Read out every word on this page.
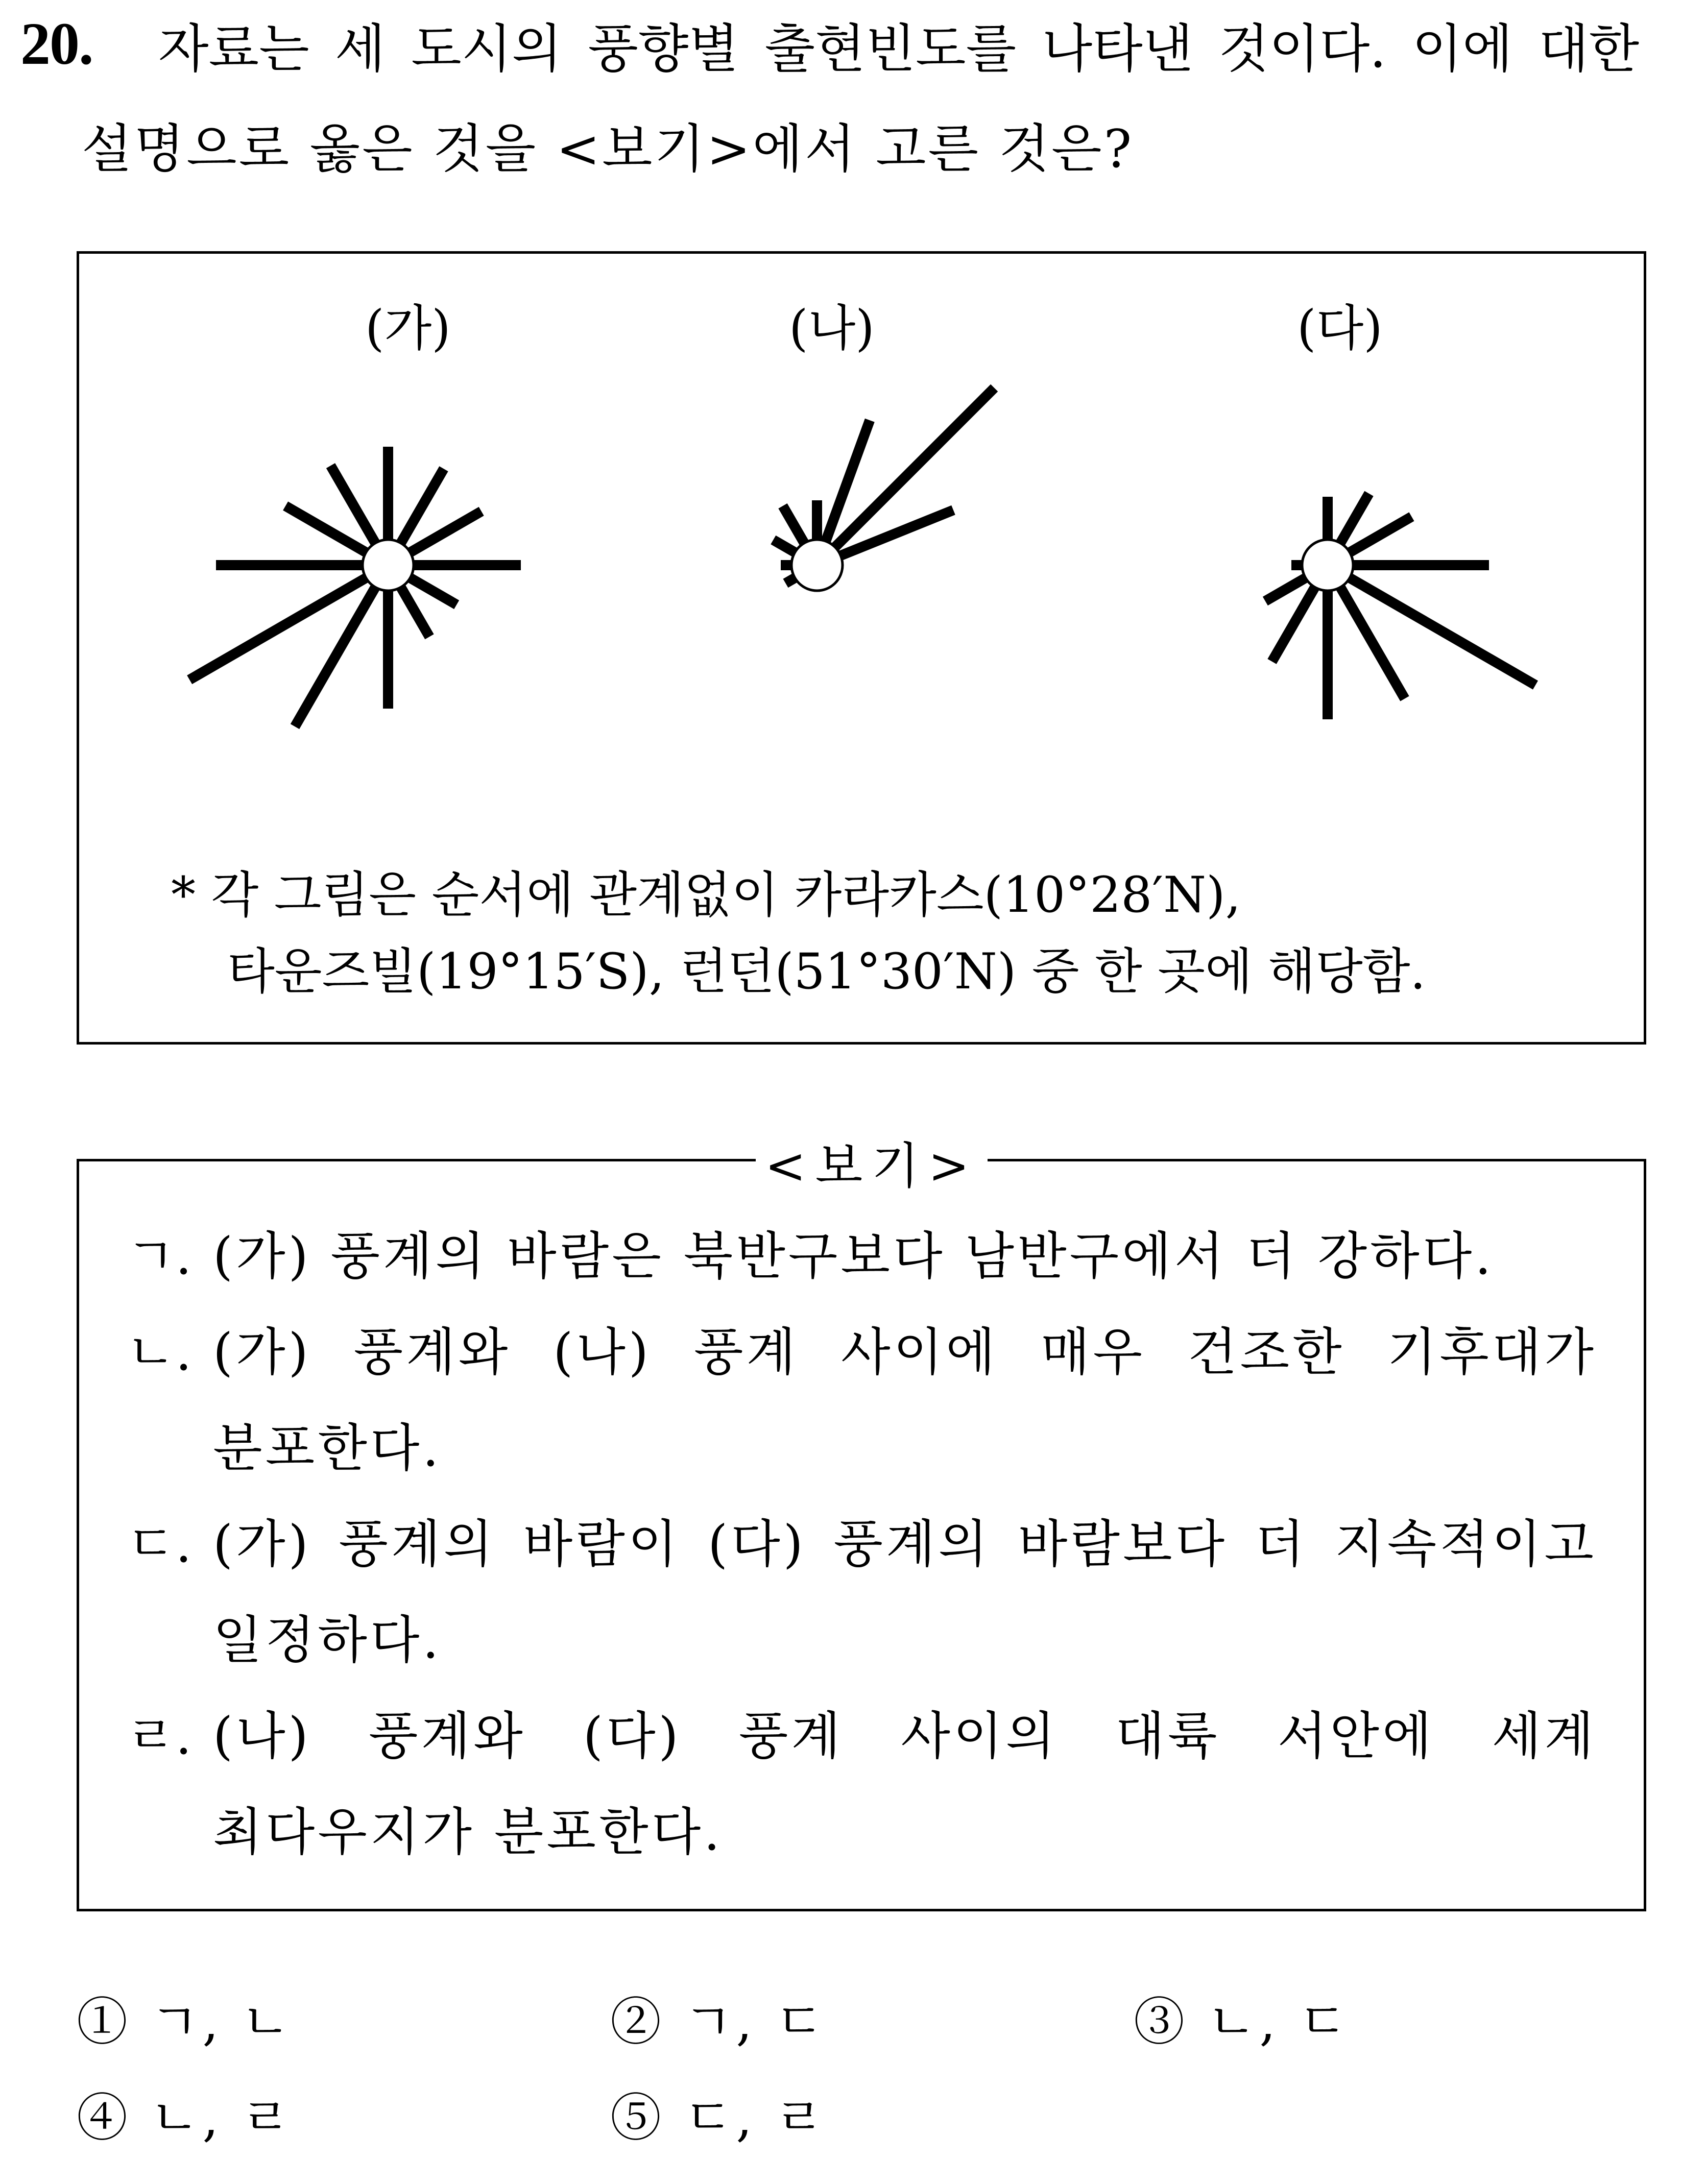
20. 자료는 세 도시의 풍향별 출현빈도를 나타낸 것이다. 이에 대한
설명으로 옳은 것을 <보기>에서 고른 것은?
(가)	(나)	(다)
* 각 그림은 순서에 관계없이 카라카스(10°28′N),
타운즈빌(19°15′S), 런던(51°30′N) 중 한 곳에 해당함.
ㄱ. (가) 풍계의 바람은 북반구보다 남반구에서 더 강하다.
ㄴ. (가) 풍계와 (나) 풍계 사이에 매우 건조한 기후대가 분포한다.
ㄷ. (가) 풍계의 바람이 (다) 풍계의 바람보다 더 지속적이고 일정하다.
ㄹ. (나) 풍계와 (다) 풍계 사이의 대륙 서안에 세계 최다우지가 분포한다.
<보기>
① ㄱ, ㄴ	② ㄱ, ㄷ	③ ㄴ, ㄷ
④ ㄴ, ㄹ	⑤ ㄷ, ㄹ
